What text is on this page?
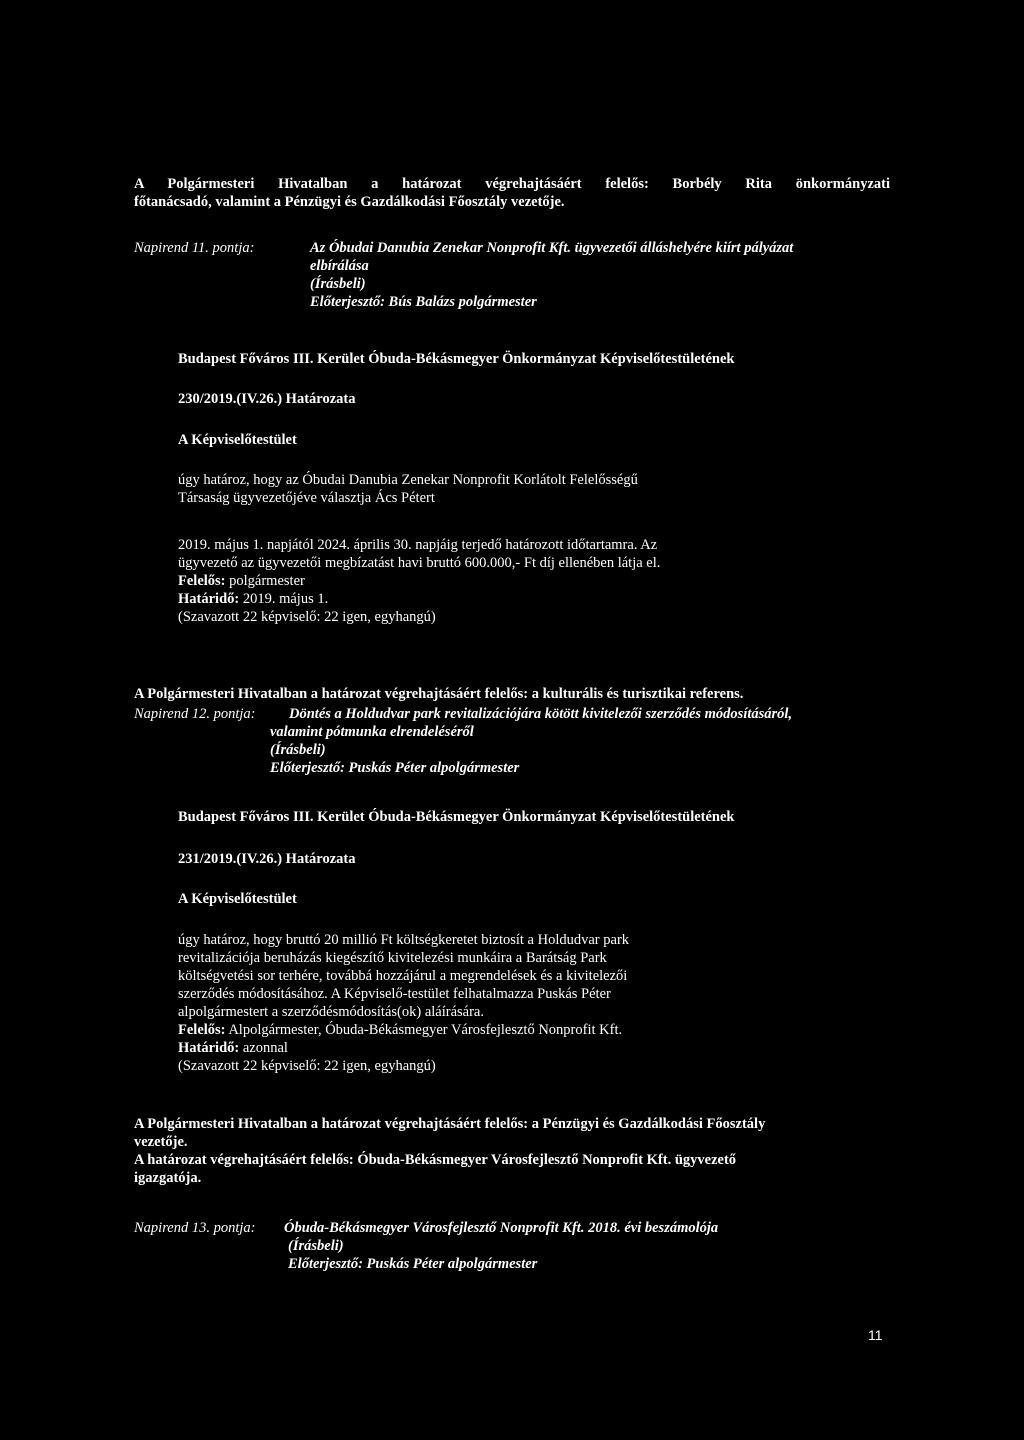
A Polgármesteri Hivatalban a határozat végrehajtásáért felelős: Borbély Rita önkormányzati
főtanácsadó, valamint a Pénzügyi és Gazdálkodási Főosztály vezetője.
Napirend 11. pontja:	Az Óbudai Danubia Zenekar Nonprofit Kft. ügyvezetői álláshelyére kiírt pályázat
elbírálása
(Írásbeli)
Előterjesztő: Bús Balázs polgármester
Budapest Főváros III. Kerület Óbuda-Békásmegyer Önkormányzat Képviselőtestületének
230/2019.(IV.26.) Határozata
A Képviselőtestület
úgy határoz, hogy az Óbudai Danubia Zenekar Nonprofit Korlátolt Felelősségű
Társaság ügyvezetőjéve választja Ács Pétert
2019. május 1. napjától 2024. április 30. napjáig terjedő határozott időtartamra. Az
ügyvezető az ügyvezetői megbízatást havi bruttó 600.000,- Ft díj ellenében látja el.
Felelős: polgármester
Határidő: 2019. május 1.
(Szavazott 22 képviselő: 22 igen, egyhangú)
A Polgármesteri Hivatalban a határozat végrehajtásáért felelős: a kulturális és turisztikai referens.
Napirend 12. pontja:	Döntés a Holdudvar park revitalizációjára kötött kivitelezői szerződés módosításáról,
valamint pótmunka elrendeléséről
(Írásbeli)
Előterjesztő: Puskás Péter alpolgármester
Budapest Főváros III. Kerület Óbuda-Békásmegyer Önkormányzat Képviselőtestületének
231/2019.(IV.26.) Határozata
A Képviselőtestület
úgy határoz, hogy bruttó 20 millió Ft költségkeretet biztosít a Holdudvar park
revitalizációja beruházás kiegészítő kivitelezési munkáira a Barátság Park
költségvetési sor terhére, továbbá hozzájárul a megrendelések és a kivitelezői
szerződés módosításához. A Képviselő-testület felhatalmazza Puskás Péter
alpolgármestert a szerződésmódosítás(ok) aláírására.
Felelős: Alpolgármester, Óbuda-Békásmegyer Városfejlesztő Nonprofit Kft.
Határidő: azonnal
(Szavazott 22 képviselő: 22 igen, egyhangú)
A Polgármesteri Hivatalban a határozat végrehajtásáért felelős: a Pénzügyi és Gazdálkodási Főosztály
vezetője.
A határozat végrehajtásáért felelős: Óbuda-Békásmegyer Városfejlesztő Nonprofit Kft. ügyvezető
igazgatója.
Napirend 13. pontja:	Óbuda-Békásmegyer Városfejlesztő Nonprofit Kft. 2018. évi beszámolója
(Írásbeli)
Előterjesztő: Puskás Péter alpolgármester
11
